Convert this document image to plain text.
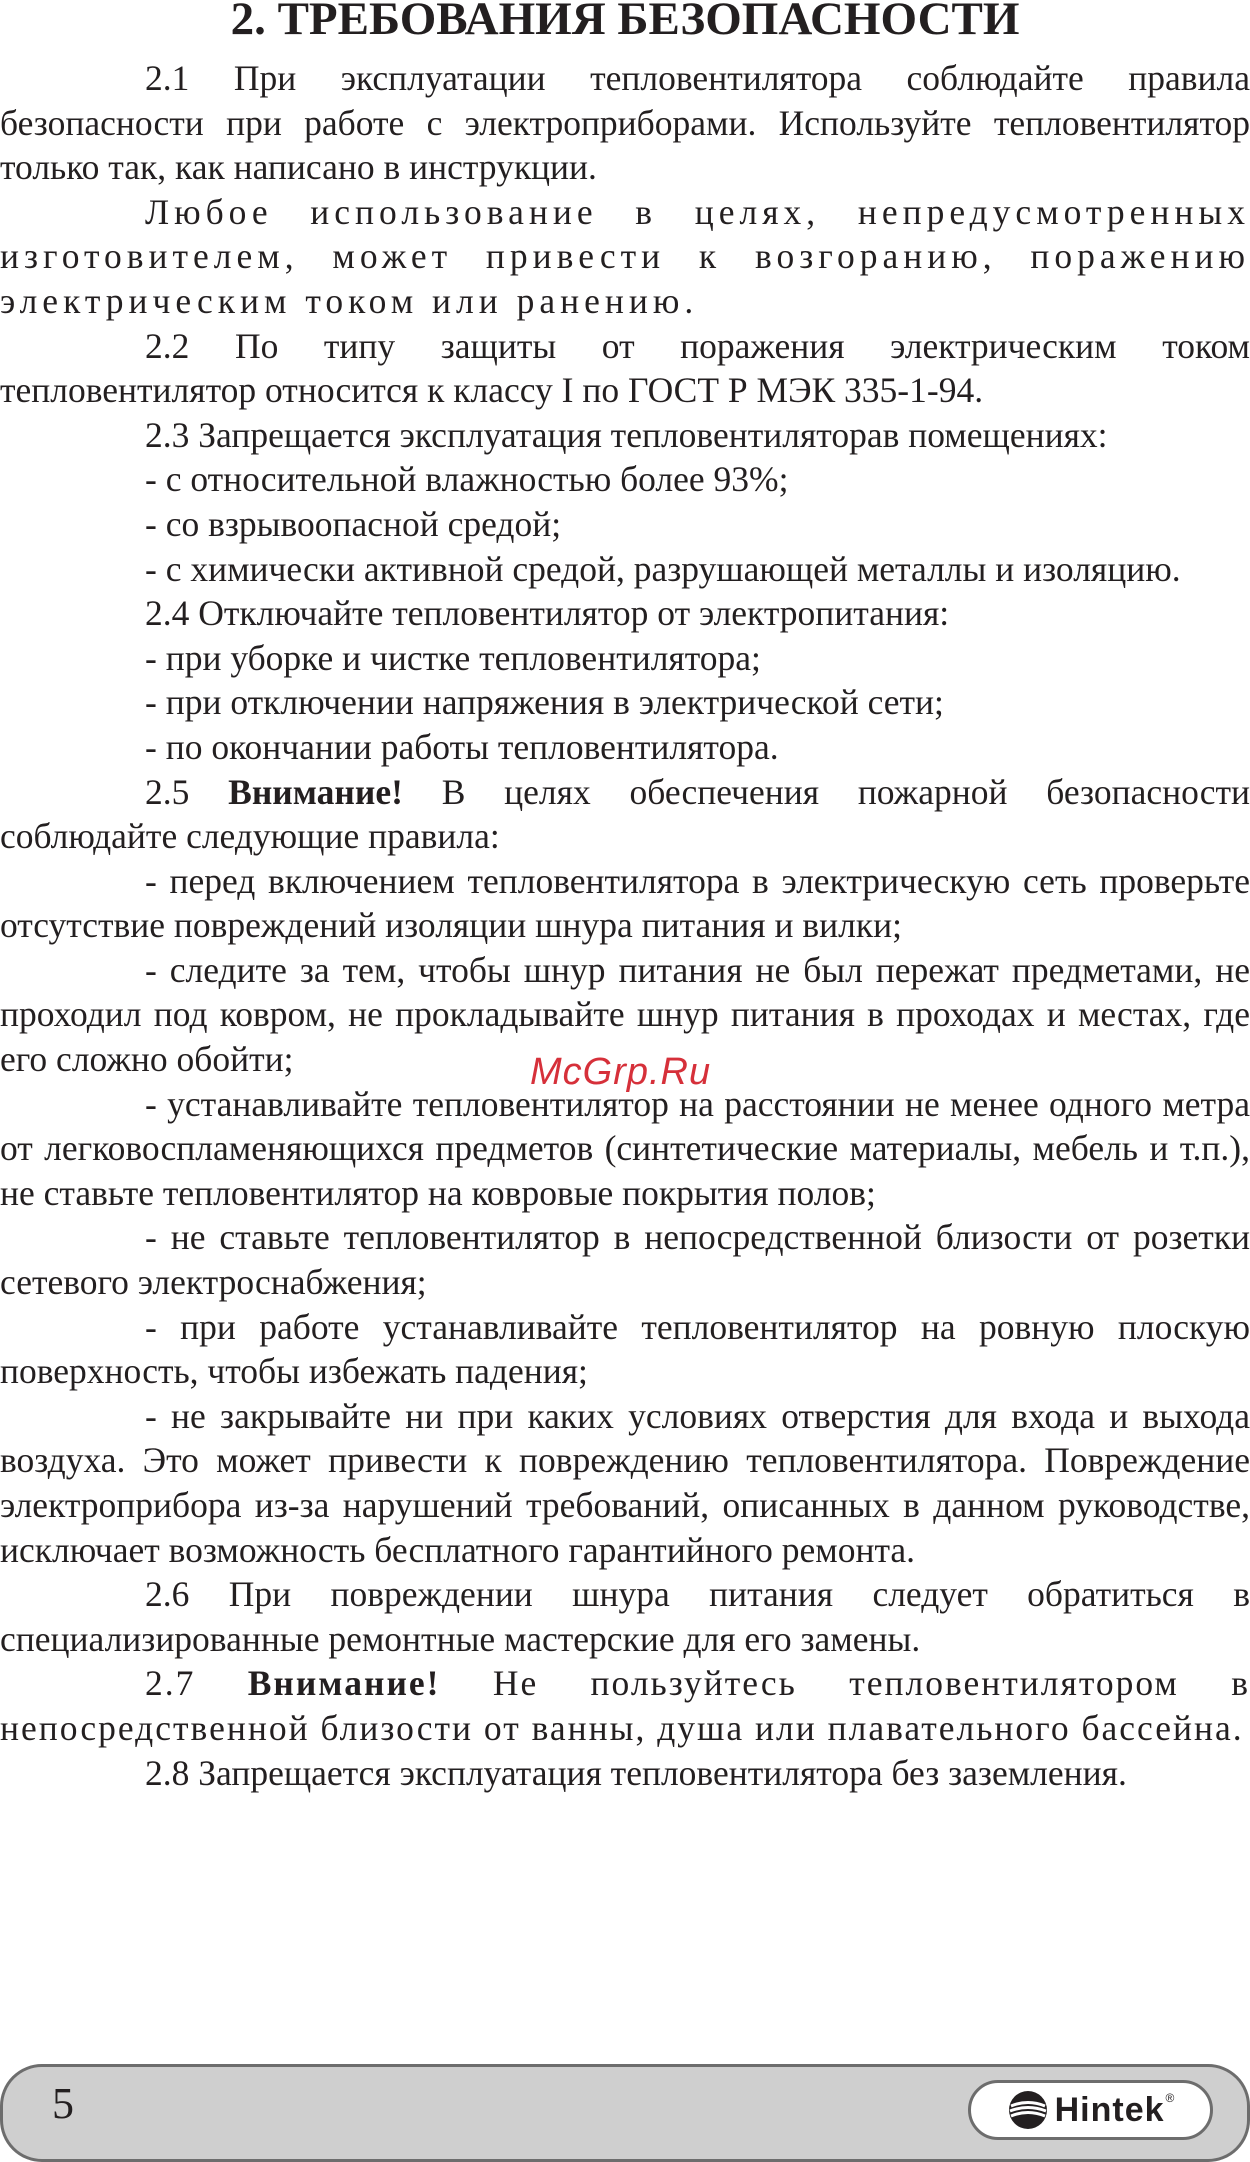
2. ТРЕБОВАНИЯ БЕЗОПАСНОСТИ

2.1 При эксплуатации тепловентилятора соблюдайте правила безопасности при работе с электроприборами. Используйте тепловентилятор только так, как написано в инструкции.

Любое использование в целях, непредусмотренных изготовителем, может привести к возгоранию, поражению электрическим током или ранению.

2.2 По типу защиты от поражения электрическим током тепловентилятор относится к классу I по ГОСТ Р МЭК 335-1-94.

2.3 Запрещается эксплуатация тепловентиляторав помещениях:

- с относительной влажностью более 93%;

- со взрывоопасной средой;

- с химически активной средой, разрушающей металлы и изоляцию.

2.4 Отключайте тепловентилятор от электропитания:

- при уборке и чистке тепловентилятора;

- при отключении напряжения в электрической сети;

- по окончании работы тепловентилятора.

2.5 Внимание! В целях обеспечения пожарной безопасности соблюдайте следующие правила:

- перед включением тепловентилятора в электрическую сеть проверьте отсутствие повреждений изоляции шнура питания и вилки;

- следите за тем, чтобы шнур питания не был пережат предметами, не проходил под ковром, не прокладывайте шнур питания в проходах и местах, где его сложно обойти;

- устанавливайте тепловентилятор на расстоянии не менее одного метра от легковоспламеняющихся предметов (синтетические материалы, мебель и т.п.), не ставьте тепловентилятор на ковровые покрытия полов;

- не ставьте тепловентилятор в непосредственной близости от розетки сетевого электроснабжения;

- при работе устанавливайте тепловентилятор на ровную плоскую поверхность, чтобы избежать падения;

- не закрывайте ни при каких условиях отверстия для входа и выхода воздуха. Это может привести к повреждению тепловентилятора. Повреждение электроприбора из-за нарушений требований, описанных в данном руководстве, исключает возможность бесплатного гарантийного ремонта.

2.6 При повреждении шнура питания следует обратиться в специализированные ремонтные мастерские для его замены.

2.7 Внимание! Не пользуйтесь тепловентилятором в непосредственной близости от ванны, душа или плавательного бассейна.

2.8 Запрещается эксплуатация тепловентилятора без заземления.

McGrp.Ru
5	Hintek ®
